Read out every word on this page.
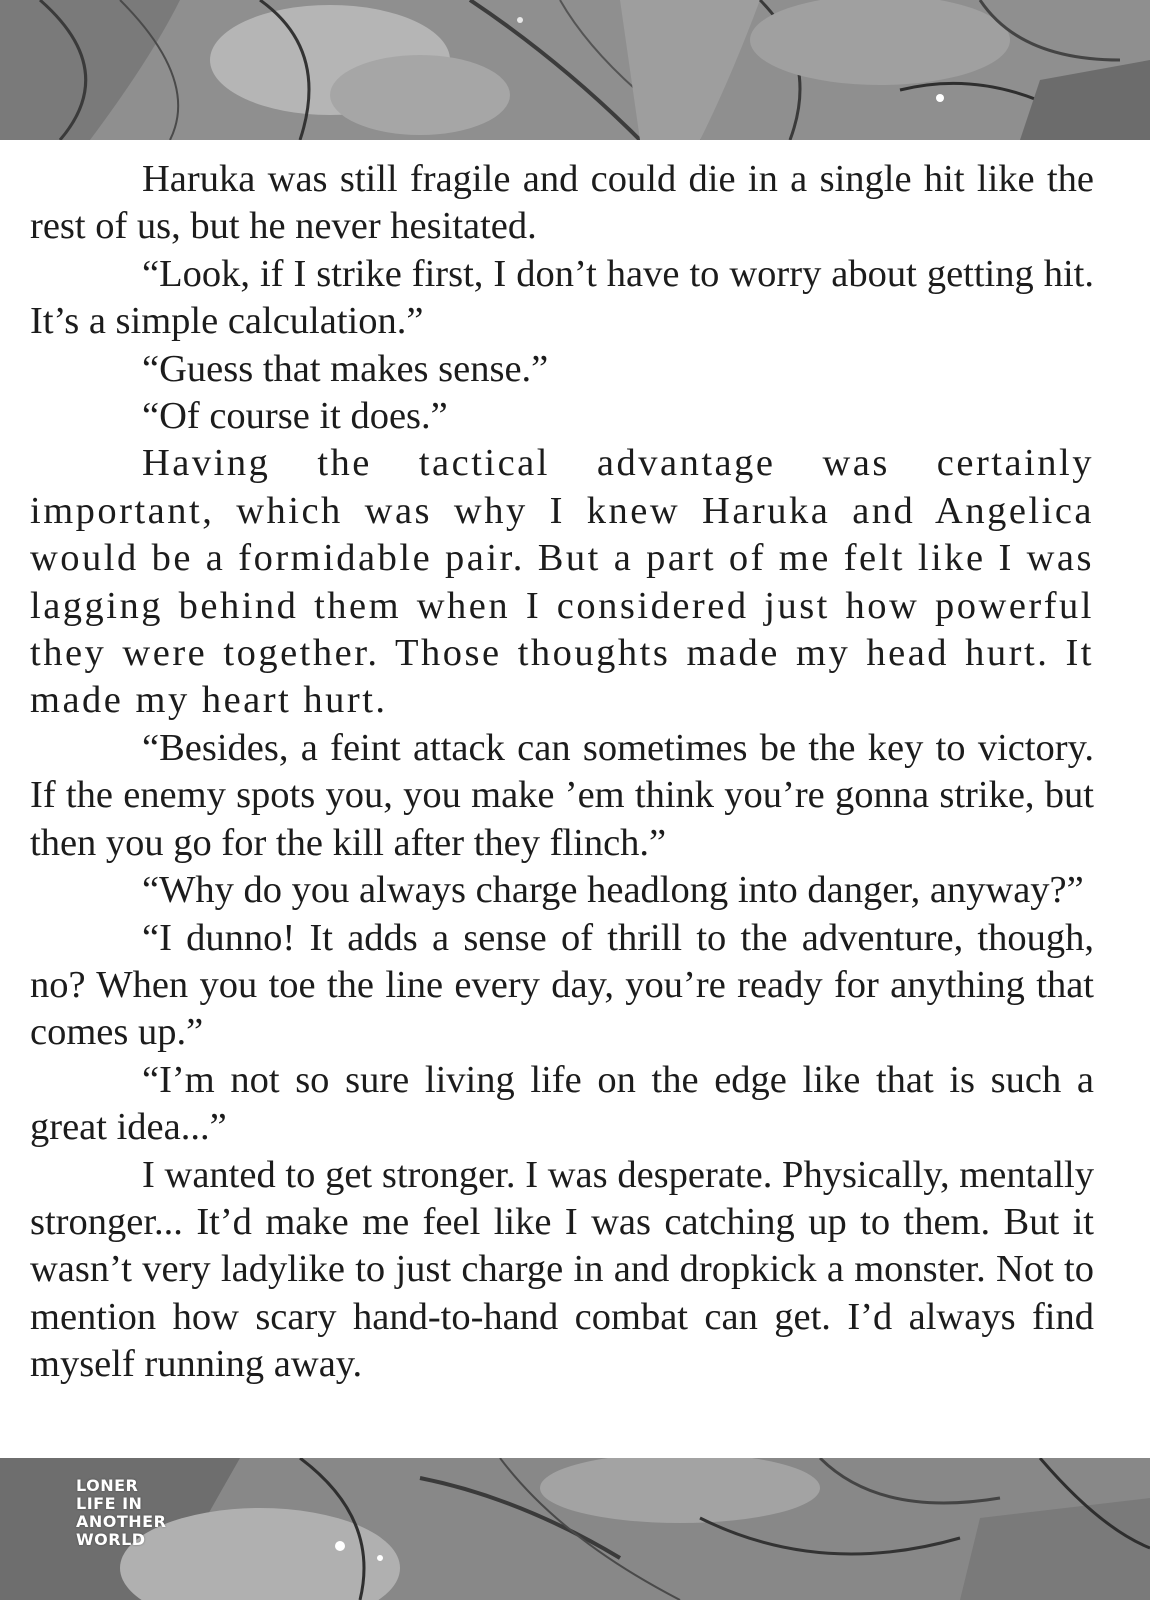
Haruka was still fragile and could die in a single hit like the rest of us, but he never hesitated.

“Look, if I strike first, I don’t have to worry about getting hit. It’s a simple calculation.”

“Guess that makes sense.”

“Of course it does.”

Having the tactical advantage was certainly important, which was why I knew Haruka and Angelica would be a formidable pair. But a part of me felt like I was lagging behind them when I considered just how powerful they were together. Those thoughts made my head hurt. It made my heart hurt.

“Besides, a feint attack can sometimes be the key to victory. If the enemy spots you, you make ’em think you’re gonna strike, but then you go for the kill after they flinch.”

“Why do you always charge headlong into danger, anyway?”

“I dunno! It adds a sense of thrill to the adventure, though, no? When you toe the line every day, you’re ready for anything that comes up.”

“I’m not so sure living life on the edge like that is such a great idea...”

I wanted to get stronger. I was desperate. Physically, mentally stronger... It’d make me feel like I was catching up to them. But it wasn’t very ladylike to just charge in and dropkick a monster. Not to mention how scary hand-to-hand combat can get. I’d always find myself running away.

LONER
LIFE IN
ANOTHER
WORLD
